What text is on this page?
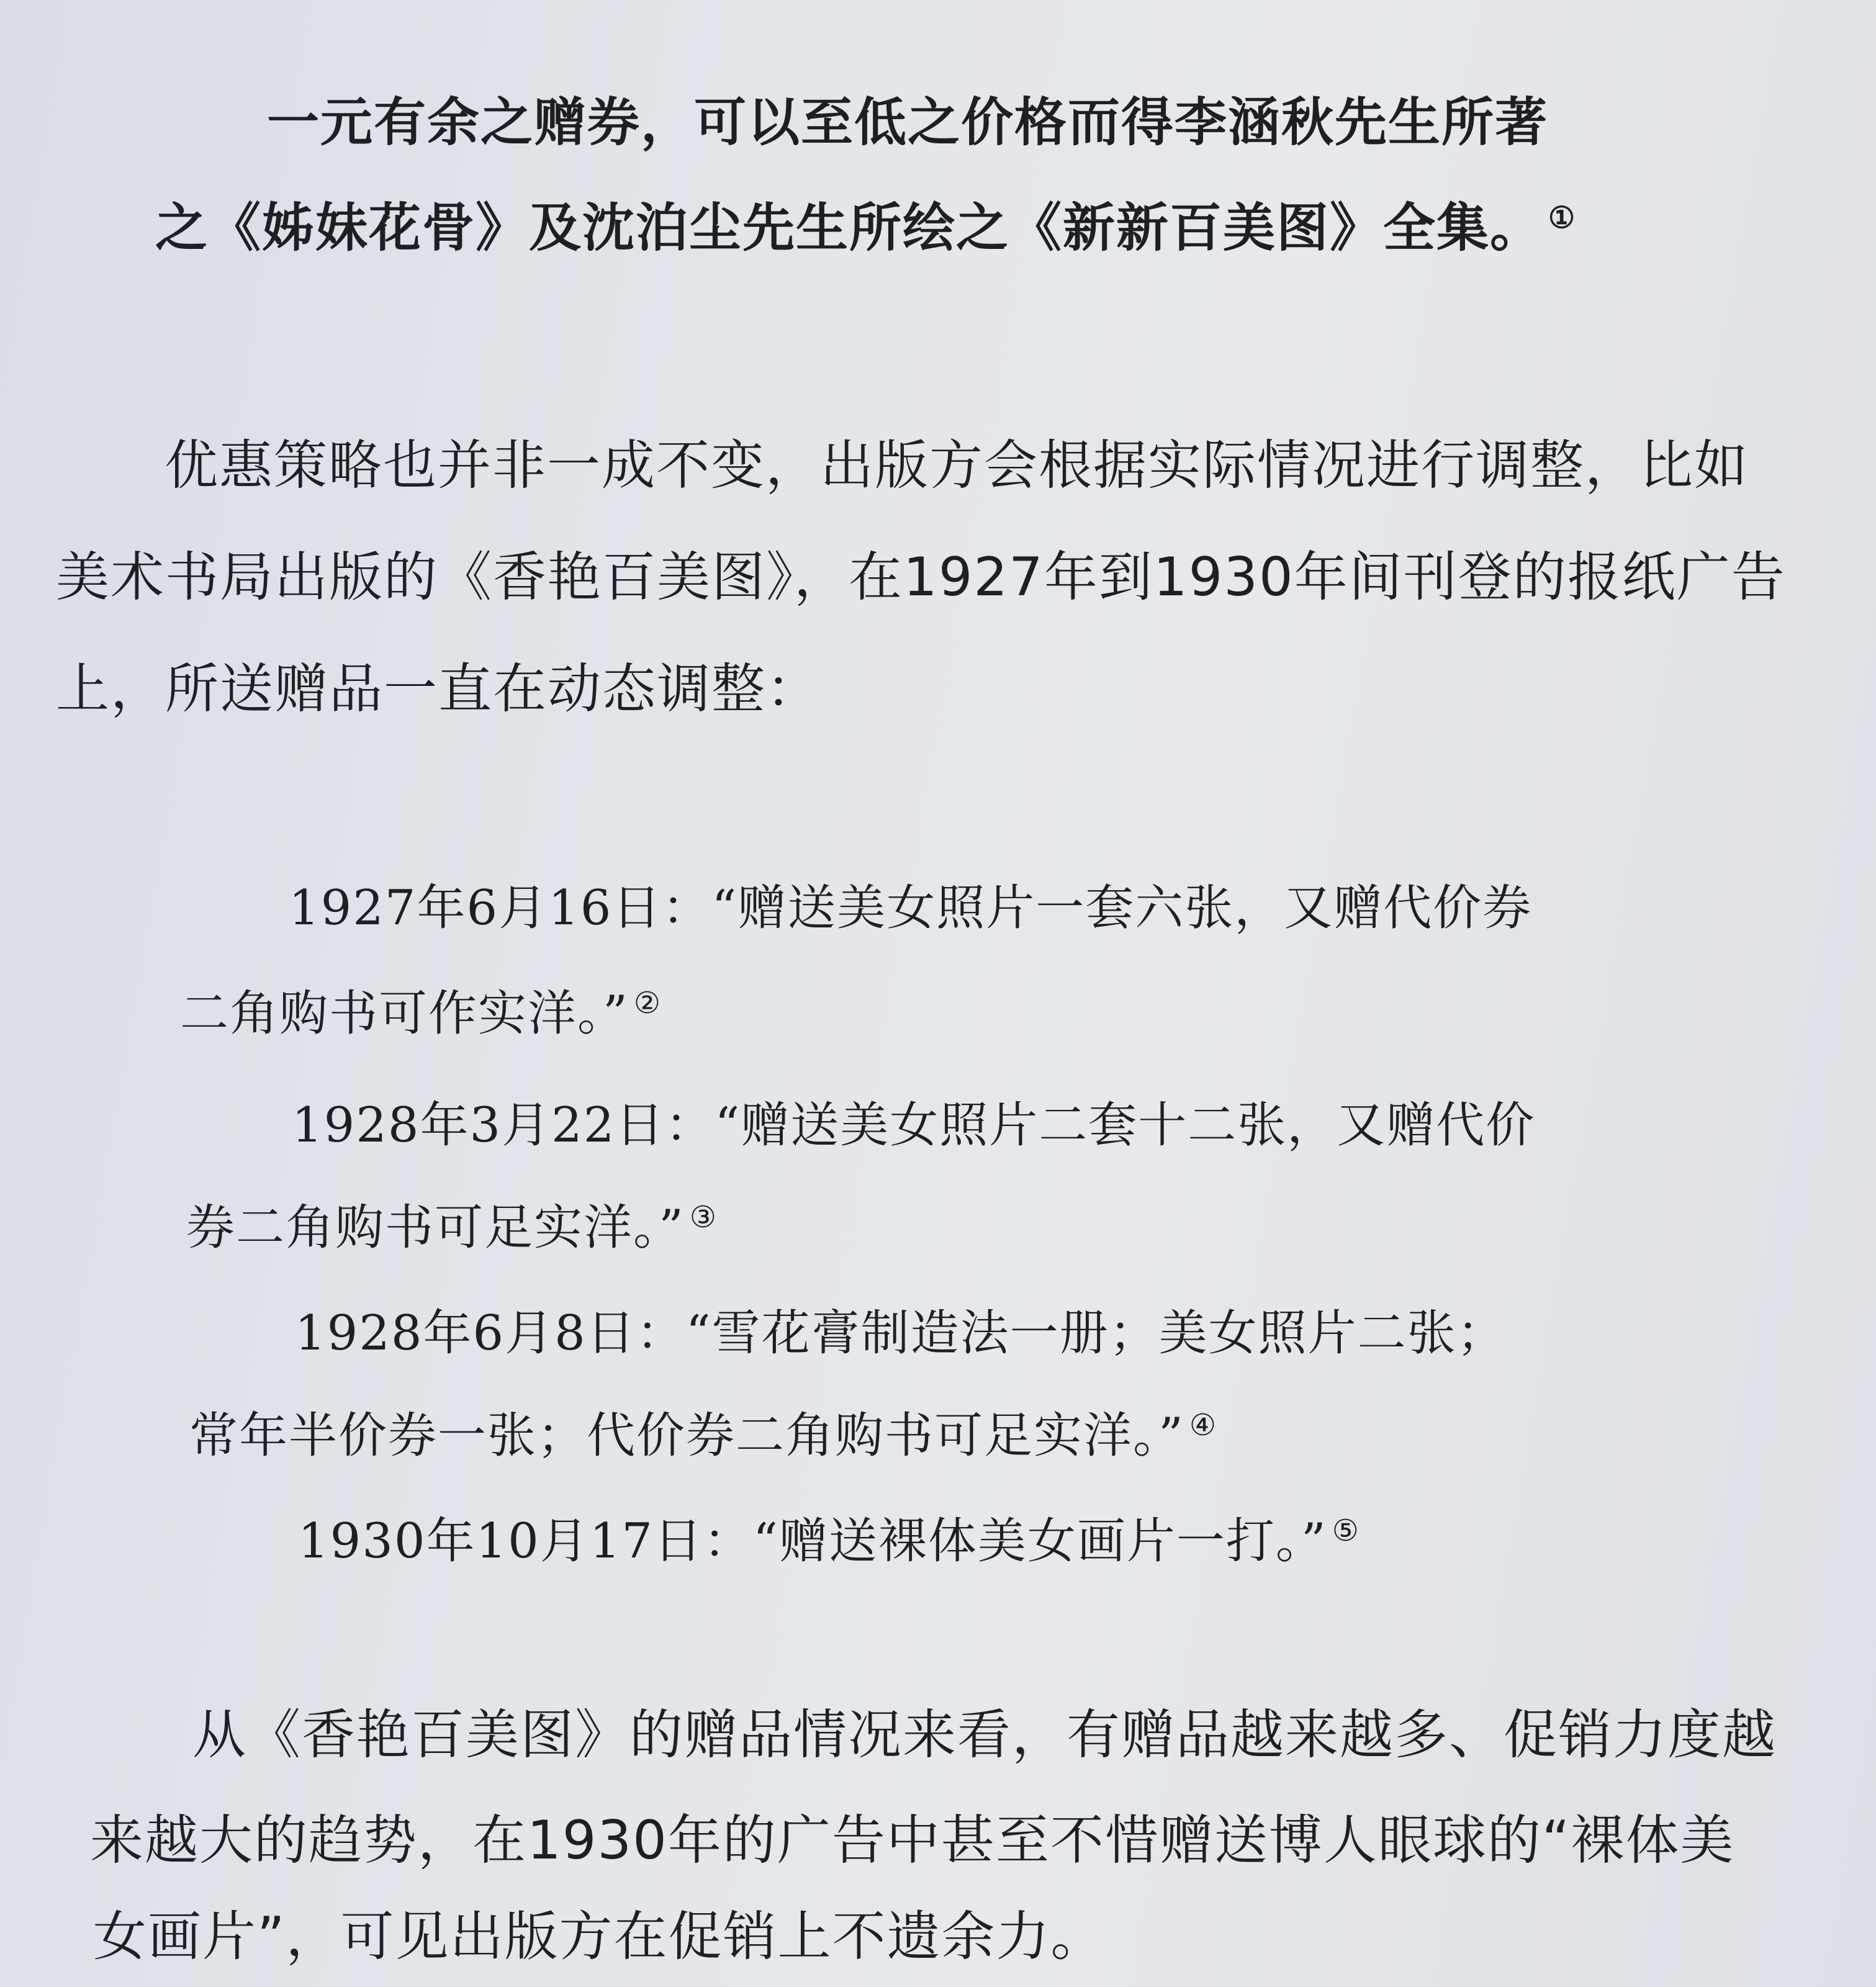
一元有余之赠券，可以至低之价格而得李涵秋先生所著
之《姊妹花骨》及沈泊尘先生所绘之《新新百美图》全集。 ①
优惠策略也并非一成不变，出版方会根据实际情况进行调整，比如
美术书局出版的《香艳百美图》，在1927年到1930年间刊登的报纸广告
上，所送赠品一直在动态调整：
1927年6月16日：“赠送美女照片一套六张，又赠代价券
二角购书可作实洋。” ②
1928年3月22日：“赠送美女照片二套十二张，又赠代价
券二角购书可足实洋。” ③
1928年6月8日：“雪花膏制造法一册；美女照片二张；
常年半价券一张；代价券二角购书可足实洋。” ④
1930年10月17日：“赠送裸体美女画片一打。” ⑤
从《香艳百美图》的赠品情况来看，有赠品越来越多、促销力度越
来越大的趋势，在1930年的广告中甚至不惜赠送博人眼球的“裸体美
女画片”，可见出版方在促销上不遗余力。
